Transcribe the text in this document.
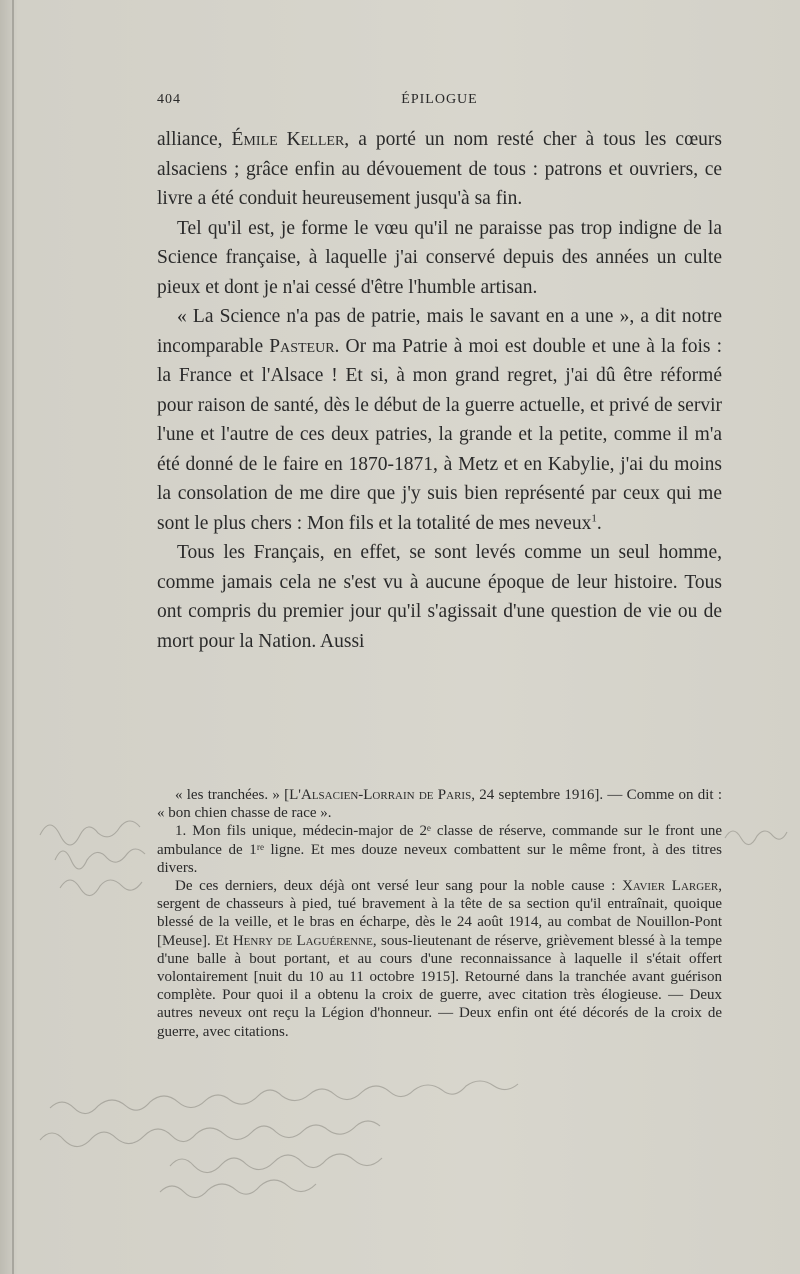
404	ÉPILOGUE

alliance, Émile Keller, a porté un nom resté cher à tous les cœurs alsaciens ; grâce enfin au dévouement de tous : patrons et ouvriers, ce livre a été conduit heureusement jusqu'à sa fin.

Tel qu'il est, je forme le vœu qu'il ne paraisse pas trop indigne de la Science française, à laquelle j'ai conservé depuis des années un culte pieux et dont je n'ai cessé d'être l'humble artisan.

« La Science n'a pas de patrie, mais le savant en a une », a dit notre incomparable Pasteur. Or ma Patrie à moi est double et une à la fois : la France et l'Alsace ! Et si, à mon grand regret, j'ai dû être réformé pour raison de santé, dès le début de la guerre actuelle, et privé de servir l'une et l'autre de ces deux patries, la grande et la petite, comme il m'a été donné de le faire en 1870-1871, à Metz et en Kabylie, j'ai du moins la consolation de me dire que j'y suis bien représenté par ceux qui me sont le plus chers : Mon fils et la totalité de mes neveux$^1$.

Tous les Français, en effet, se sont levés comme un seul homme, comme jamais cela ne s'est vu à aucune époque de leur histoire. Tous ont compris du premier jour qu'il s'agissait d'une question de vie ou de mort pour la Nation. Aussi

« les tranchées. » [L'Alsacien-Lorrain de Paris, 24 septembre 1916]. — Comme on dit : « bon chien chasse de race ».

1. Mon fils unique, médecin-major de 2ᵉ classe de réserve, commande sur le front une ambulance de 1ʳᵉ ligne. Et mes douze neveux combattent sur le même front, à des titres divers.

De ces derniers, deux déjà ont versé leur sang pour la noble cause : Xavier Larger, sergent de chasseurs à pied, tué bravement à la tête de sa section qu'il entraînait, quoique blessé de la veille, et le bras en écharpe, dès le 24 août 1914, au combat de Nouillon-Pont [Meuse]. Et Henry de Laguérenne, sous-lieutenant de réserve, grièvement blessé à la tempe d'une balle à bout portant, et au cours d'une reconnaissance à laquelle il s'était offert volontairement [nuit du 10 au 11 octobre 1915]. Retourné dans la tranchée avant guérison complète. Pour quoi il a obtenu la croix de guerre, avec citation très élogieuse. — Deux autres neveux ont reçu la Légion d'honneur. — Deux enfin ont été décorés de la croix de guerre, avec citations.
